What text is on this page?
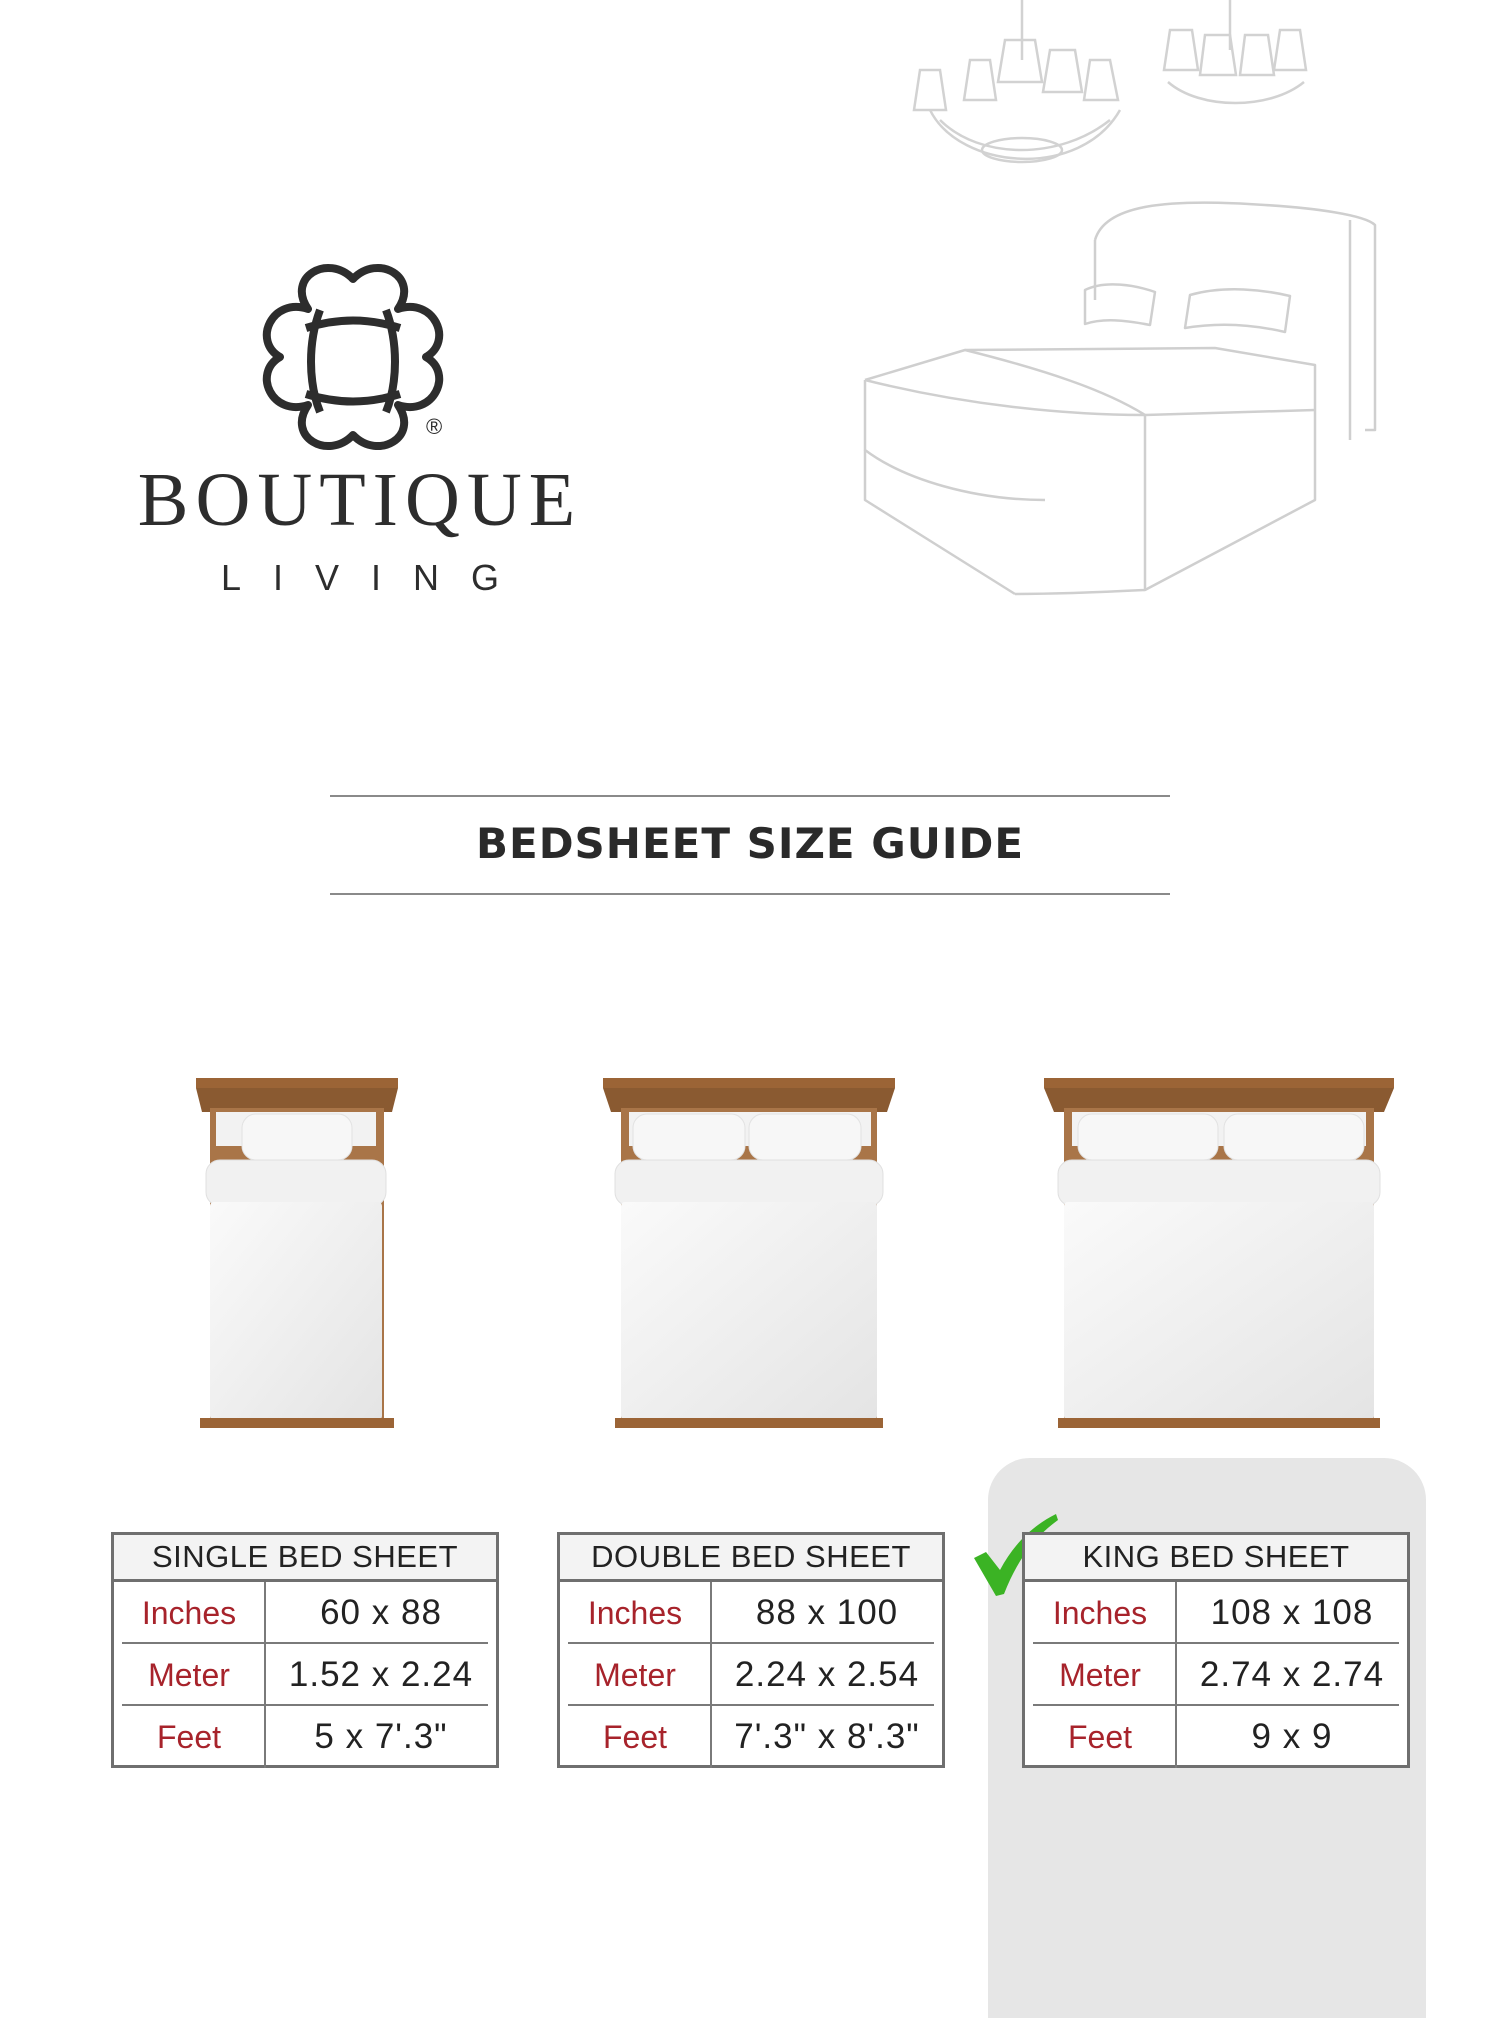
®
BOUTIQUE
LIVING
BEDSHEET SIZE GUIDE
SINGLE BED SHEET
Inches	60 x 88
Meter	1.52 x 2.24
Feet	5 x 7'.3"
DOUBLE BED SHEET
Inches	88 x 100
Meter	2.24 x 2.54
Feet	7'.3" x 8'.3"
KING BED SHEET
Inches	108 x 108
Meter	2.74 x 2.74
Feet	9 x 9
